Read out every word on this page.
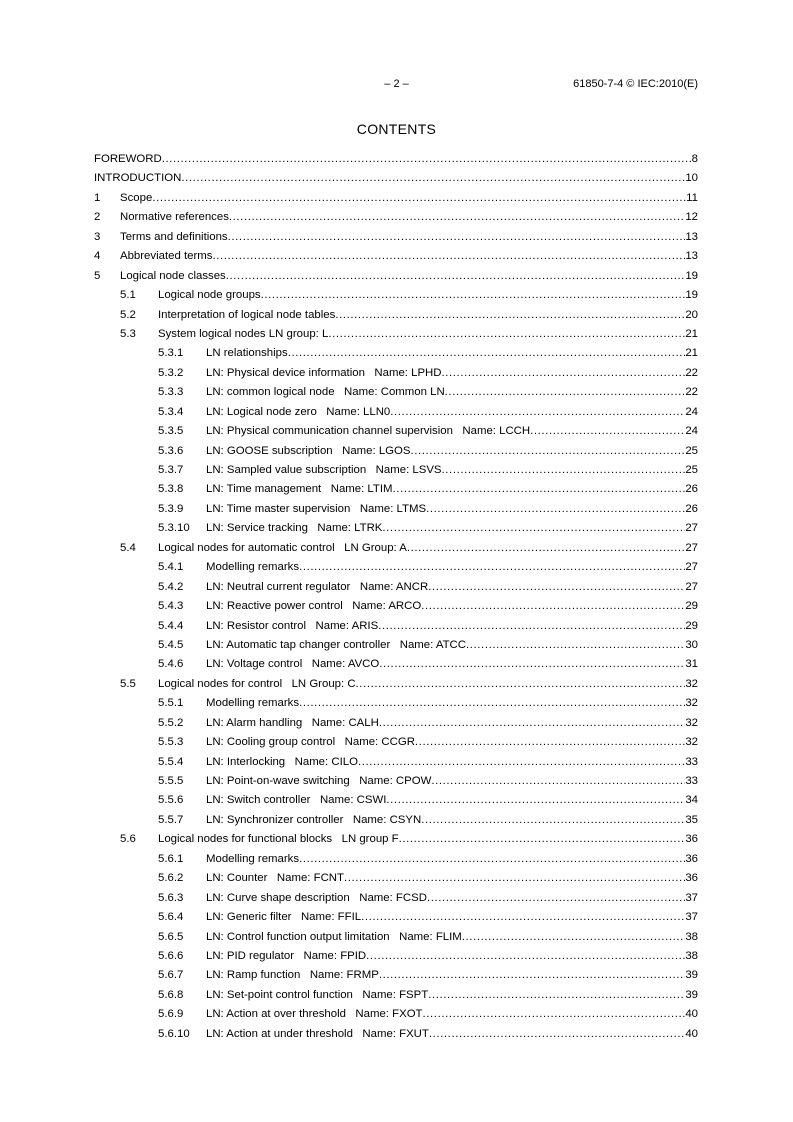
– 2 –	61850-7-4 © IEC:2010(E)
CONTENTS
FOREWORD .....	8
INTRODUCTION .....	10
1	Scope .....	11
2	Normative references .....	12
3	Terms and definitions .....	13
4	Abbreviated terms .....	13
5	Logical node classes .....	19
5.1	Logical node groups .....	19
5.2	Interpretation of logical node tables .....	20
5.3	System logical nodes LN group: L .....	21
5.3.1	LN relationships .....	21
5.3.2	LN: Physical device information   Name: LPHD .....	22
5.3.3	LN: common logical node   Name: Common LN .....	22
5.3.4	LN: Logical node zero   Name: LLN0 .....	24
5.3.5	LN: Physical communication channel supervision   Name: LCCH .....	24
5.3.6	LN: GOOSE subscription   Name: LGOS .....	25
5.3.7	LN: Sampled value subscription   Name: LSVS .....	25
5.3.8	LN: Time management   Name: LTIM .....	26
5.3.9	LN: Time master supervision   Name: LTMS .....	26
5.3.10	LN: Service tracking   Name: LTRK .....	27
5.4	Logical nodes for automatic control   LN Group: A .....	27
5.4.1	Modelling remarks .....	27
5.4.2	LN: Neutral current regulator   Name: ANCR .....	27
5.4.3	LN: Reactive power control   Name: ARCO .....	29
5.4.4	LN: Resistor control   Name: ARIS .....	29
5.4.5	LN: Automatic tap changer controller   Name: ATCC .....	30
5.4.6	LN: Voltage control   Name: AVCO .....	31
5.5	Logical nodes for control   LN Group: C .....	32
5.5.1	Modelling remarks .....	32
5.5.2	LN: Alarm handling   Name: CALH .....	32
5.5.3	LN: Cooling group control   Name: CCGR .....	32
5.5.4	LN: Interlocking   Name: CILO .....	33
5.5.5	LN: Point-on-wave switching   Name: CPOW .....	33
5.5.6	LN: Switch controller   Name: CSWI .....	34
5.5.7	LN: Synchronizer controller   Name: CSYN .....	35
5.6	Logical nodes for functional blocks   LN group F .....	36
5.6.1	Modelling remarks .....	36
5.6.2	LN: Counter   Name: FCNT .....	36
5.6.3	LN: Curve shape description   Name: FCSD .....	37
5.6.4	LN: Generic filter   Name: FFIL .....	37
5.6.5	LN: Control function output limitation   Name: FLIM .....	38
5.6.6	LN: PID regulator   Name: FPID .....	38
5.6.7	LN: Ramp function   Name: FRMP .....	39
5.6.8	LN: Set-point control function   Name: FSPT .....	39
5.6.9	LN: Action at over threshold   Name: FXOT .....	40
5.6.10	LN: Action at under threshold   Name: FXUT .....	40
